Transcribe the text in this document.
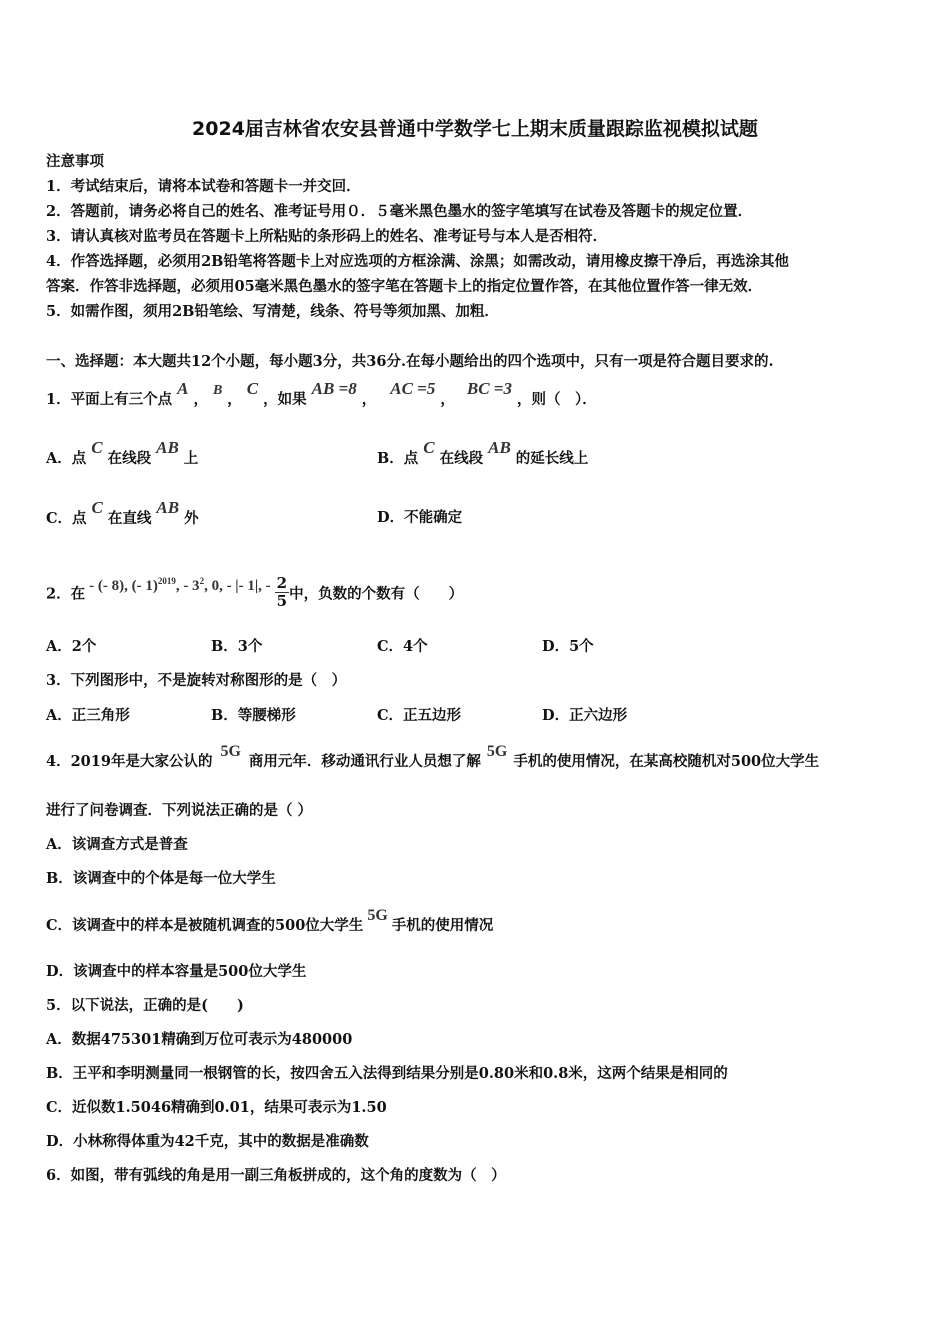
2024届吉林省农安县普通中学数学七上期末质量跟踪监视模拟试题
注意事项
1．考试结束后，请将本试卷和答题卡一并交回．
2．答题前，请务必将自己的姓名、准考证号用０．５毫米黑色墨水的签字笔填写在试卷及答题卡的规定位置．
3．请认真核对监考员在答题卡上所粘贴的条形码上的姓名、准考证号与本人是否相符．
4．作答选择题，必须用2B铅笔将答题卡上对应选项的方框涂满、涂黑；如需改动，请用橡皮擦干净后，再选涂其他
答案．作答非选择题，必须用05毫米黑色墨水的签字笔在答题卡上的指定位置作答，在其他位置作答一律无效．
5．如需作图，须用2B铅笔绘、写清楚，线条、符号等须加黑、加粗．
一、选择题：本大题共12个小题，每小题3分，共36分.在每小题给出的四个选项中，只有一项是符合题目要求的.
1．平面上有三个点A，B，C，如果AB =8，AC =5，BC =3，则（　）．
A．点C在线段AB上	B．点C在线段AB的延长线上
C．点C在直线AB外	D．不能确定
2．在 - (- 8), (- 1)$^{2019}$, - $3^2$, 0, - |- 1|, - $\frac{2}{5}$ 中，负数的个数有（　　）
A．2个	B．3个	C．4个	D．5个
3．下列图形中，不是旋转对称图形的是（　）
A．正三角形	B．等腰梯形	C．正五边形	D．正六边形
4．2019年是大家公认的5G商用元年．移动通讯行业人员想了解5G手机的使用情况，在某高校随机对500位大学生
进行了问卷调查．下列说法正确的是（ ）
A．该调查方式是普查
B．该调查中的个体是每一位大学生
C．该调查中的样本是被随机调查的500位大学生5G手机的使用情况
D．该调查中的样本容量是500位大学生
5．以下说法，正确的是(　　)
A．数据475301精确到万位可表示为480000
B．王平和李明测量同一根钢管的长，按四舍五入法得到结果分别是0.80米和0.8米，这两个结果是相同的
C．近似数1.5046精确到0.01，结果可表示为1.50
D．小林称得体重为42千克，其中的数据是准确数
6．如图，带有弧线的角是用一副三角板拼成的，这个角的度数为（　）
